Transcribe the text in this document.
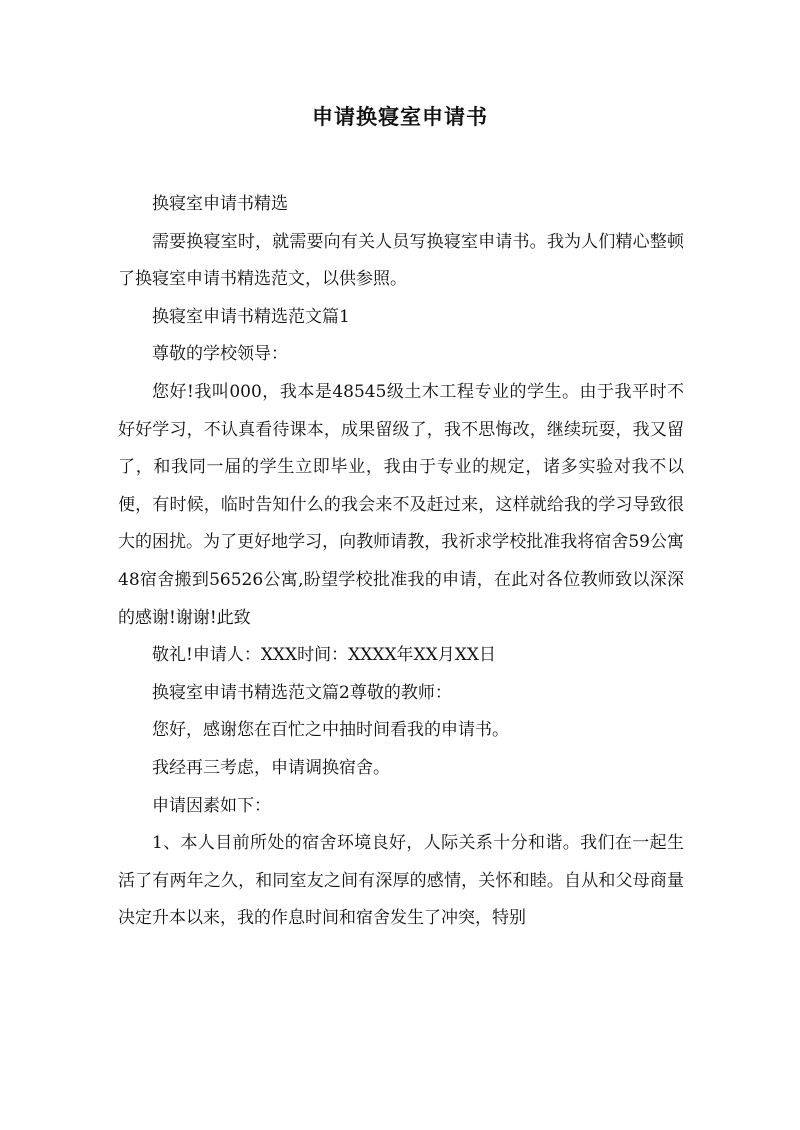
申请换寝室申请书

换寝室申请书精选

需要换寝室时，就需要向有关人员写换寝室申请书。我为人们精心整顿了换寝室申请书精选范文，以供参照。

换寝室申请书精选范文篇1

尊敬的学校领导：

您好!我叫000，我本是48545级土木工程专业的学生。由于我平时不好好学习，不认真看待课本，成果留级了，我不思悔改，继续玩耍，我又留了，和我同一届的学生立即毕业，我由于专业的规定，诸多实验对我不以便，有时候，临时告知什么的我会来不及赶过来，这样就给我的学习导致很大的困扰。为了更好地学习，向教师请教，我祈求学校批准我将宿舍59公寓48宿舍搬到56526公寓,盼望学校批准我的申请，在此对各位教师致以深深的感谢!谢谢!此致

敬礼!申请人：XXX时间：XXXX年XX月XX日

换寝室申请书精选范文篇2尊敬的教师：

您好，感谢您在百忙之中抽时间看我的申请书。

我经再三考虑，申请调换宿舍。

申请因素如下：

1、本人目前所处的宿舍环境良好，人际关系十分和谐。我们在一起生活了有两年之久，和同室友之间有深厚的感情，关怀和睦。自从和父母商量决定升本以来，我的作息时间和宿舍发生了冲突，特别
